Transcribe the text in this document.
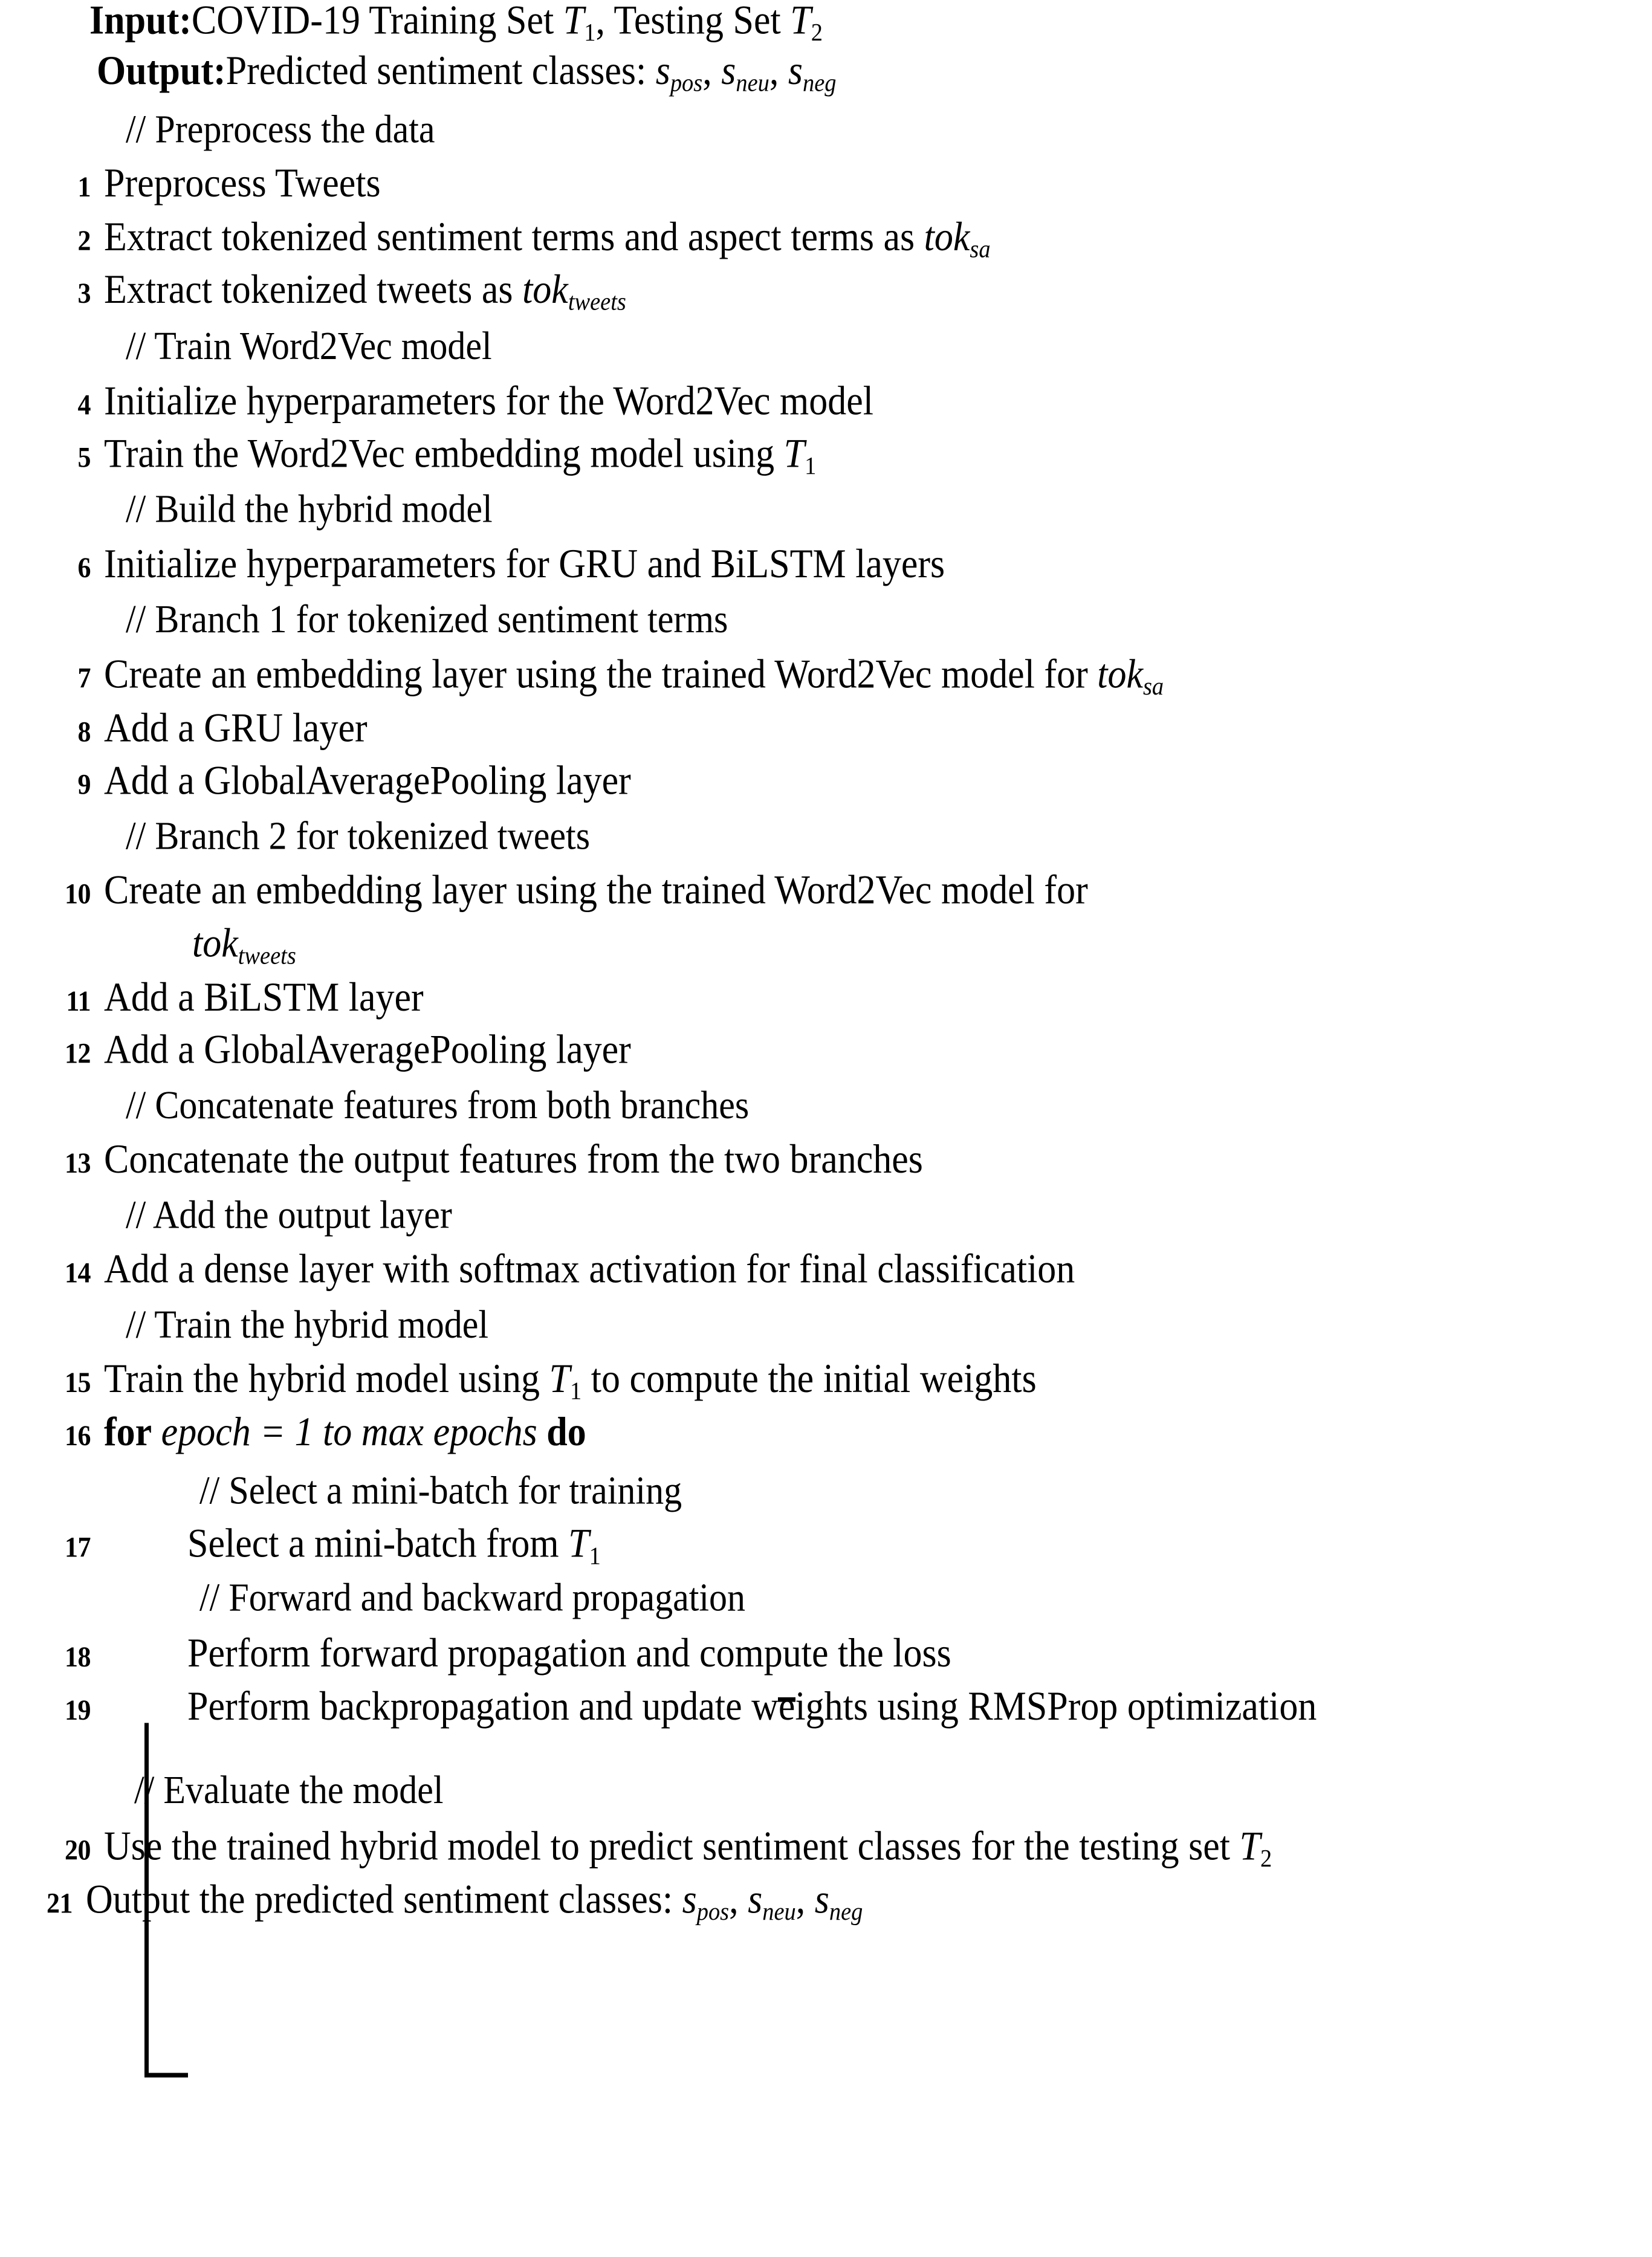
Input:COVID-19 Training Set T1, Testing Set T2
Output:Predicted sentiment classes: $s_{pos}$, $s_{neu}$, $s_{neg}$
// Preprocess the data
1 Preprocess Tweets
2 Extract tokenized sentiment terms and aspect terms as tok$_{sa}$
3 Extract tokenized tweets as tok$_{tweets}$
// Train Word2Vec model
4 Initialize hyperparameters for the Word2Vec model
5 Train the Word2Vec embedding model using T1
// Build the hybrid model
6 Initialize hyperparameters for GRU and BiLSTM layers
// Branch 1 for tokenized sentiment terms
7 Create an embedding layer using the trained Word2Vec model for tok$_{sa}$
8 Add a GRU layer
9 Add a GlobalAveragePooling layer
// Branch 2 for tokenized tweets
10 Create an embedding layer using the trained Word2Vec model for
tok$_{tweets}$
11 Add a BiLSTM layer
12 Add a GlobalAveragePooling layer
// Concatenate features from both branches
13 Concatenate the output features from the two branches
// Add the output layer
14 Add a dense layer with softmax activation for final classification
// Train the hybrid model
15 Train the hybrid model using T1 to compute the initial weights
16 for epoch = 1 to max epochs do
// Select a mini-batch for training
17	Select a mini-batch from T1
// Forward and backward propagation
18	Perform forward propagation and compute the loss
19	Perform backpropagation and update weights using RMSProp optimization
// Evaluate the model
20 Use the trained hybrid model to predict sentiment classes for the testing set T2
21 Output the predicted sentiment classes: $s_{pos}$, $s_{neu}$, $s_{neg}$
